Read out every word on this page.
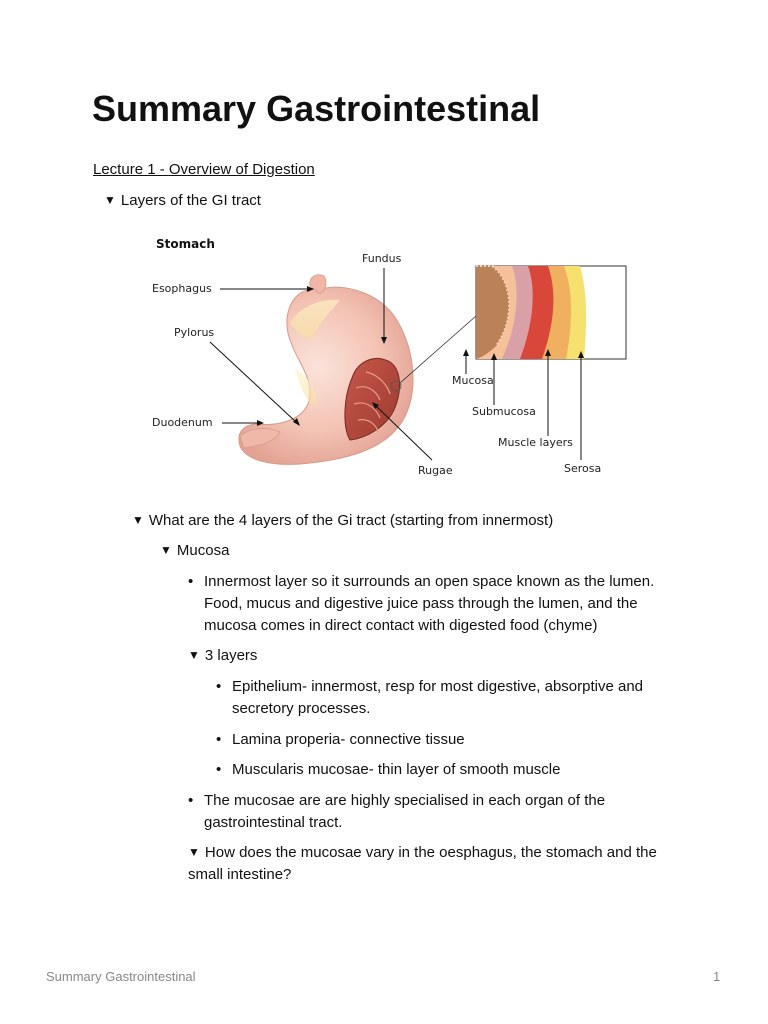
Summary Gastrointestinal
Lecture 1 - Overview of Digestion
▼ Layers of the GI tract
Stomach
Fundus
Esophagus
Pylorus
Duodenum
Rugae
Mucosa
Submucosa
Muscle layers
Serosa
▼ What are the 4 layers of the Gi tract (starting from innermost)
▼ Mucosa
• Innermost layer so it surrounds an open space known as the lumen.
Food, mucus and digestive juice pass through the lumen, and the
mucosa comes in direct contact with digested food (chyme)
▼ 3 layers
• Epithelium- innermost, resp for most digestive, absorptive and
secretory processes.
• Lamina properia- connective tissue
• Muscularis mucosae- thin layer of smooth muscle
• The mucosae are are highly specialised in each organ of the
gastrointestinal tract.
▼ How does the mucosae vary in the oesphagus, the stomach and the
small intestine?
Summary Gastrointestinal	1
